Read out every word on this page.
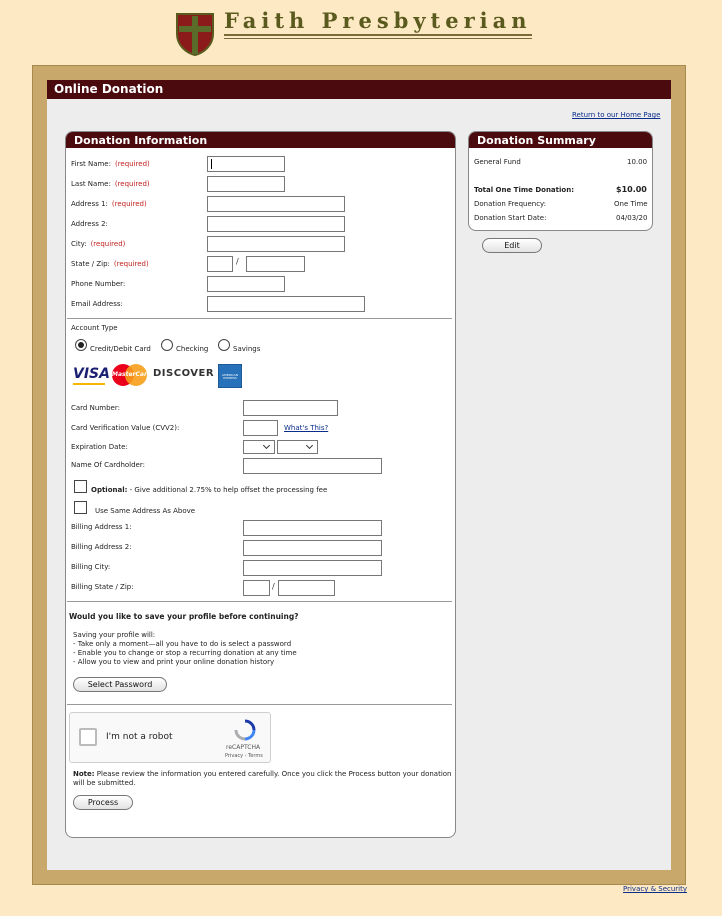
Faith Presbyterian
Online Donation
Return to our Home Page
Donation Information
First Name: (required)
Last Name: (required)
Address 1: (required)
Address 2:
City: (required)
State / Zip: (required)	/
Phone Number:
Email Address:
Account Type
Credit/Debit Card	Checking	Savings
VISA MasterCard DISCOVER	AMERICAN EXPRESS
Card Number:
Card Verification Value (CVV2):	What's This?
Expiration Date:
Name Of Cardholder:
Optional: - Give additional 2.75% to help offset the processing fee
Use Same Address As Above
Billing Address 1:
Billing Address 2:
Billing City:
Billing State / Zip:	/
Would you like to save your profile before continuing?
Saving your profile will:
- Take only a moment—all you have to do is select a password
- Enable you to change or stop a recurring donation at any time
- Allow you to view and print your online donation history
Select Password
I'm not a robot
reCAPTCHA
Privacy - Terms
Note: Please review the information you entered carefully. Once you click the Process button your donation
will be submitted.
Process
Donation Summary
General Fund	10.00
Total One Time Donation:	$10.00
Donation Frequency:	One Time
Donation Start Date:	04/03/20
Edit
Privacy & Security
